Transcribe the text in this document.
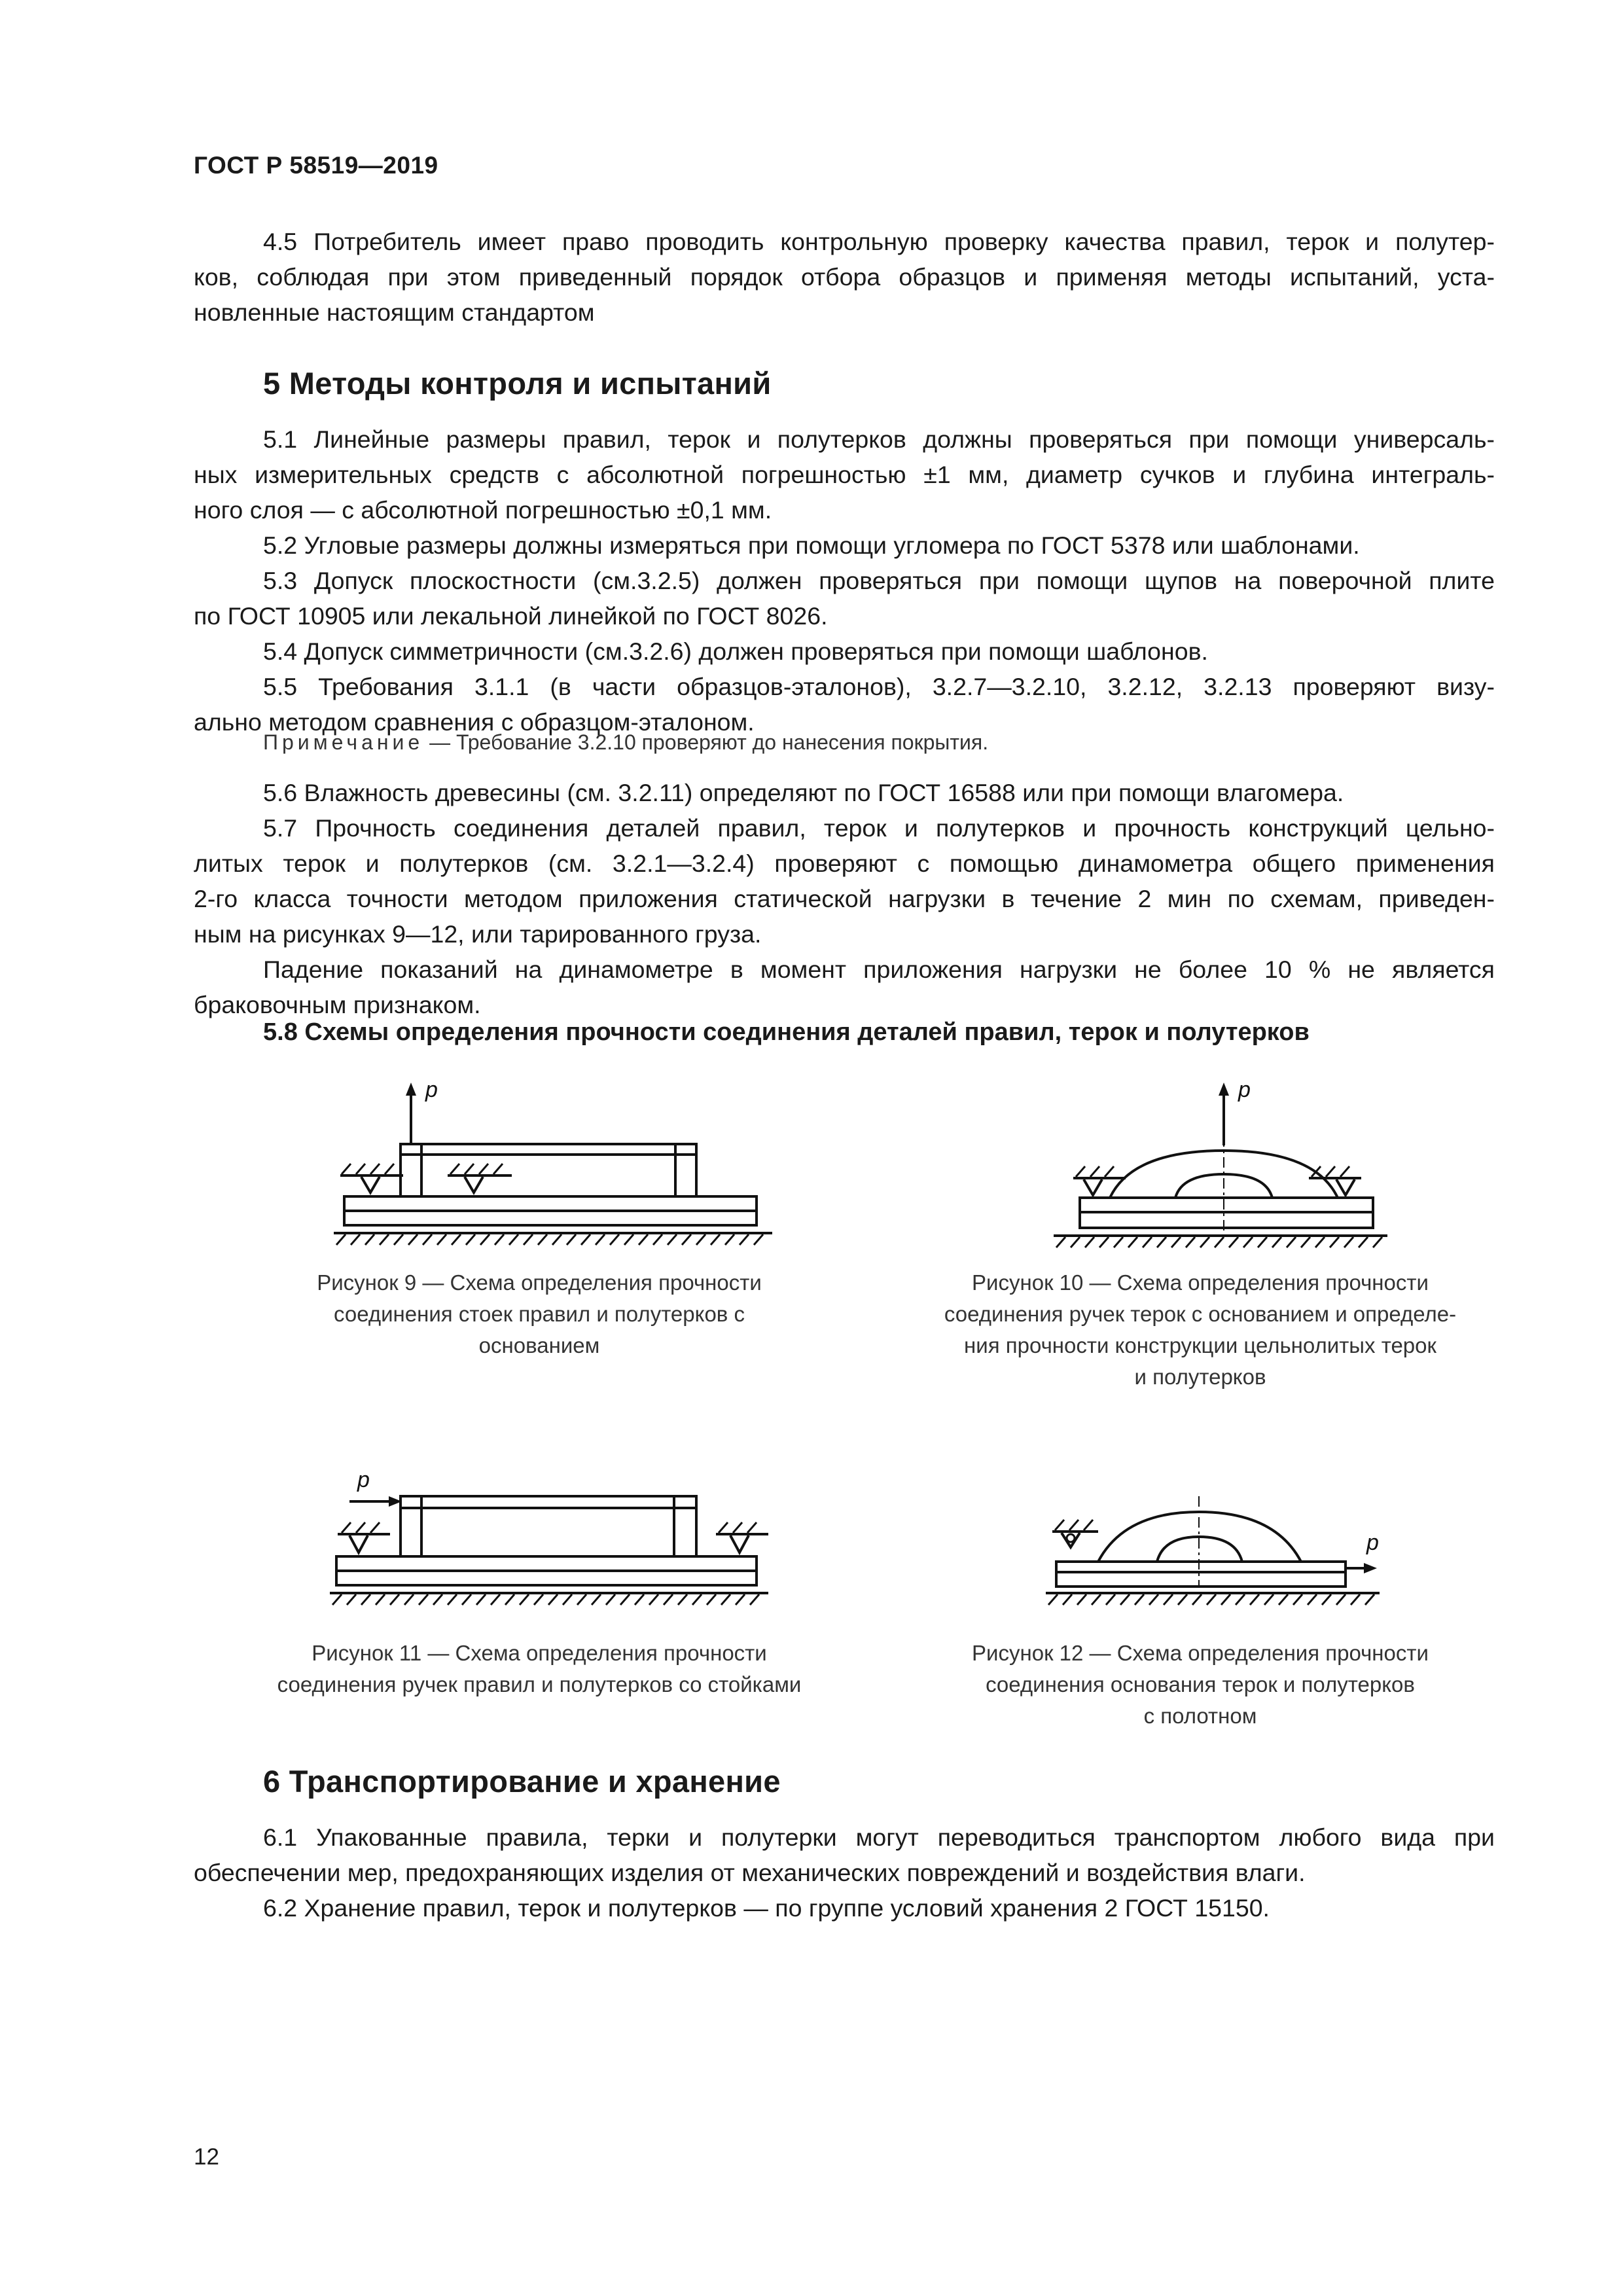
ГОСТ Р 58519—2019
4.5 Потребитель имеет право проводить контрольную проверку качества правил, терок и полутер-
ков, соблюдая при этом приведенный порядок отбора образцов и применяя методы испытаний, уста-
новленные настоящим стандартом
5 Методы контроля и испытаний
5.1 Линейные размеры правил, терок и полутерков должны проверяться при помощи универсаль-
ных измерительных средств с абсолютной погрешностью ±1 мм, диаметр сучков и глубина интеграль-
ного слоя — с абсолютной погрешностью ±0,1 мм.
5.2 Угловые размеры должны измеряться при помощи угломера по ГОСТ 5378 или шаблонами.
5.3 Допуск плоскостности (см.3.2.5) должен проверяться при помощи щупов на поверочной плите
по ГОСТ 10905 или лекальной линейкой по ГОСТ 8026.
5.4 Допуск симметричности (см.3.2.6) должен проверяться при помощи шаблонов.
5.5 Требования 3.1.1 (в части образцов-эталонов), 3.2.7—3.2.10, 3.2.12, 3.2.13 проверяют визу-
ально методом сравнения с образцом-эталоном.
Примечание — Требование 3.2.10 проверяют до нанесения покрытия.
5.6 Влажность древесины (см. 3.2.11) определяют по ГОСТ 16588 или при помощи влагомера.
5.7 Прочность соединения деталей правил, терок и полутерков и прочность конструкций цельно-
литых терок и полутерков (см. 3.2.1—3.2.4) проверяют с помощью динамометра общего применения
2-го класса точности методом приложения статической нагрузки в течение 2 мин по схемам, приведен-
ным на рисунках 9—12, или тарированного груза.
Падение показаний на динамометре в момент приложения нагрузки не более 10 % не является
браковочным признаком.
5.8 Схемы определения прочности соединения деталей правил, терок и полутерков
p
Рисунок 9 — Схема определения прочности
соединения стоек правил и полутерков с
основанием
p
Рисунок 10 — Схема определения прочности
соединения ручек терок с основанием и определе-
ния прочности конструкции цельнолитых терок
и полутерков
p
Рисунок 11 — Схема определения прочности
соединения ручек правил и полутерков со стойками
p
Рисунок 12 — Схема определения прочности
соединения основания терок и полутерков
с полотном
6 Транспортирование и хранение
6.1 Упакованные правила, терки и полутерки могут переводиться транспортом любого вида при
обеспечении мер, предохраняющих изделия от механических повреждений и воздействия влаги.
6.2 Хранение правил, терок и полутерков — по группе условий хранения 2 ГОСТ 15150.
12
